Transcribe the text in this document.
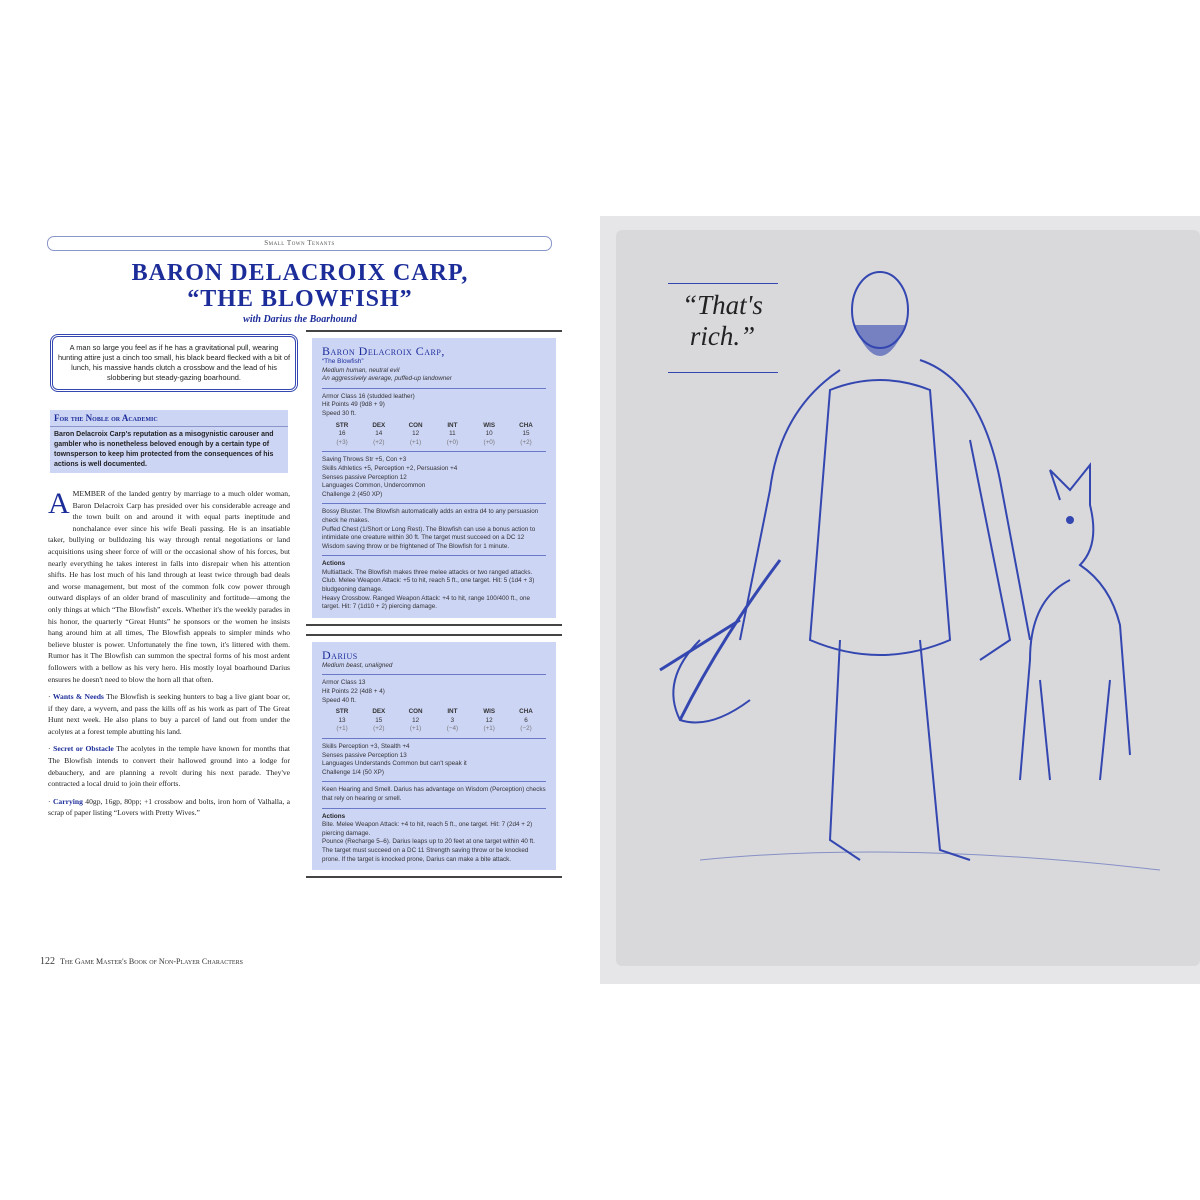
Small Town Tenants
BARON DELACROIX CARP,
“THE BLOWFISH”
with Darius the Boarhound
A man so large you feel as if he has a gravitational pull, wearing hunting attire just a cinch too small, his black beard flecked with a bit of lunch, his massive hands clutch a crossbow and the lead of his slobbering but steady-gazing boarhound.
For the Noble or Academic

Baron Delacroix Carp's reputation as a misogynistic carouser and gambler who is nonetheless beloved enough by a certain type of townsperson to keep him protected from the consequences of his actions is well documented.

AMEMBER of the landed gentry by marriage to a much older woman, Baron Delacroix Carp has presided over his considerable acreage and the town built on and around it with equal parts ineptitude and nonchalance ever since his wife Beali passing. He is an insatiable taker, bullying or bulldozing his way through rental negotiations or land acquisitions using sheer force of will or the occasional show of his forces, but nearly everything he takes interest in falls into disrepair when his attention shifts. He has lost much of his land through at least twice through bad deals and worse management, but most of the common folk cow power through outward displays of an older brand of masculinity and fortitude—among the only things at which “The Blowfish” excels. Whether it's the weekly parades in his honor, the quarterly “Great Hunts” he sponsors or the women he insists hang around him at all times, The Blowfish appeals to simpler minds who believe bluster is power. Unfortunately the fine town, it's littered with them. Rumor has it The Blowfish can summon the spectral forms of his most ardent followers with a bellow as his very hero. His mostly loyal boarhound Darius ensures he doesn't need to blow the horn all that often.

· Wants & Needs The Blowfish is seeking hunters to bag a live giant boar or, if they dare, a wyvern, and pass the kills off as his work as part of The Great Hunt next week. He also plans to buy a parcel of land out from under the acolytes at a forest temple abutting his land.

· Secret or Obstacle The acolytes in the temple have known for months that The Blowfish intends to convert their hallowed ground into a lodge for debauchery, and are planning a revolt during his next parade. They've contracted a local druid to join their efforts.

· Carrying 40gp, 16gp, 80pp; +1 crossbow and bolts, iron horn of Valhalla, a scrap of paper listing “Lovers with Pretty Wives.”

122 The Game Master's Book of Non-Player Characters
Baron Delacroix Carp,
“The Blowfish”
Medium human, neutral evil
An aggressively average, puffed-up landowner
Armor Class 16 (studded leather)
Hit Points 49 (9d8 + 9)
Speed 30 ft.
STR
16
(+3)
DEX
14
(+2)
CON
12
(+1)
INT
11
(+0)
WIS
10
(+0)
CHA
15
(+2)
Saving Throws Str +5, Con +3
Skills Athletics +5, Perception +2, Persuasion +4
Senses passive Perception 12
Languages Common, Undercommon
Challenge 2 (450 XP)
Bossy Bluster. The Blowfish automatically adds an extra d4 to any persuasion check he makes.
Puffed Chest (1/Short or Long Rest). The Blowfish can use a bonus action to intimidate one creature within 30 ft. The target must succeed on a DC 12 Wisdom saving throw or be frightened of The Blowfish for 1 minute.
Actions
Multiattack. The Blowfish makes three melee attacks or two ranged attacks.
Club. Melee Weapon Attack: +5 to hit, reach 5 ft., one target. Hit: 5 (1d4 + 3) bludgeoning damage.
Heavy Crossbow. Ranged Weapon Attack: +4 to hit, range 100/400 ft., one target. Hit: 7 (1d10 + 2) piercing damage.
Darius
Medium beast, unaligned
Armor Class 13
Hit Points 22 (4d8 + 4)
Speed 40 ft.
STR
13
(+1)
DEX
15
(+2)
CON
12
(+1)
INT
3
(−4)
WIS
12
(+1)
CHA
6
(−2)
Skills Perception +3, Stealth +4
Senses passive Perception 13
Languages Understands Common but can't speak it
Challenge 1/4 (50 XP)
Keen Hearing and Smell. Darius has advantage on Wisdom (Perception) checks that rely on hearing or smell.
Actions
Bite. Melee Weapon Attack: +4 to hit, reach 5 ft., one target. Hit: 7 (2d4 + 2) piercing damage.
Pounce (Recharge 5–6). Darius leaps up to 20 feet at one target within 40 ft. The target must succeed on a DC 11 Strength saving throw or be knocked prone. If the target is knocked prone, Darius can make a bite attack.
“That's
rich.”
